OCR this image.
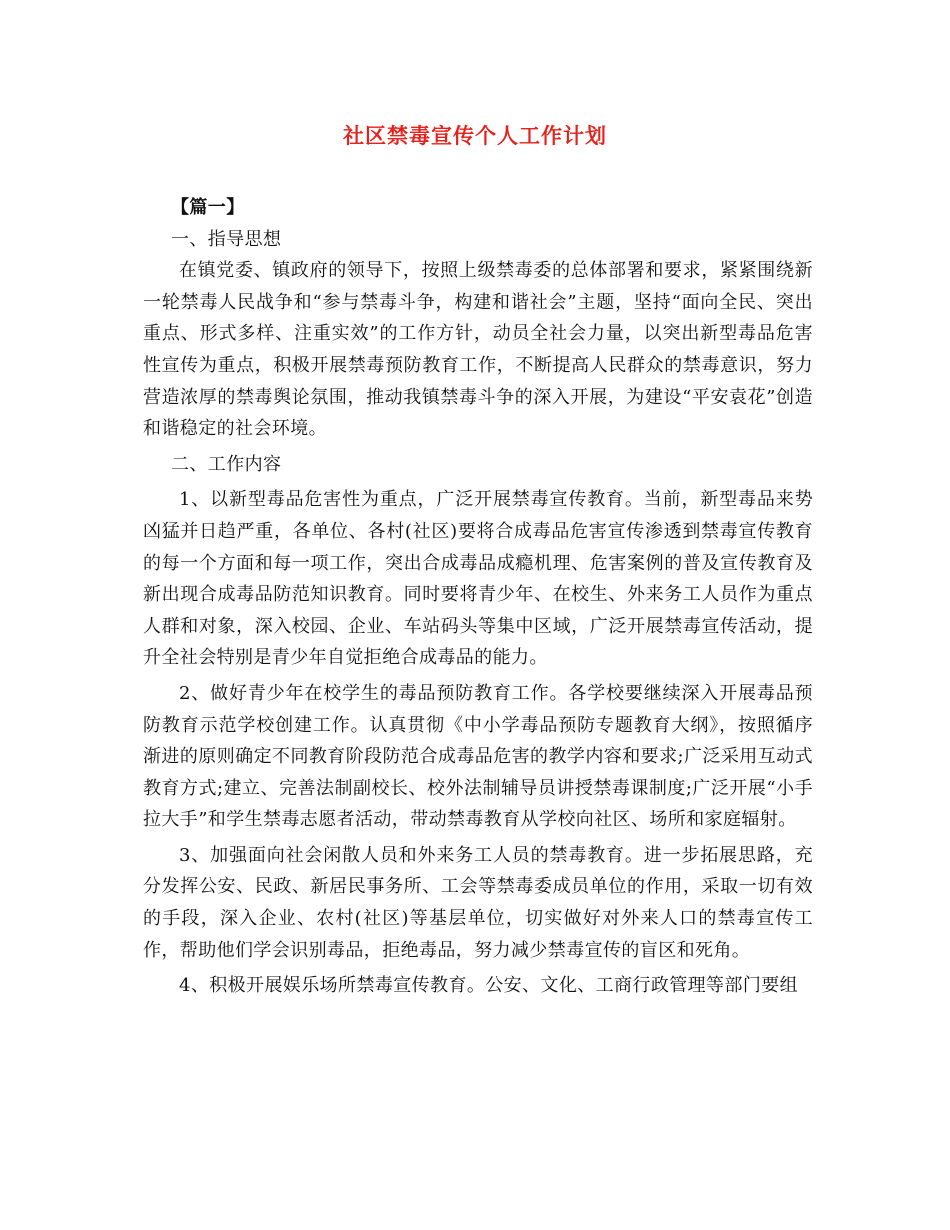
社区禁毒宣传个人工作计划

【篇一】

一、指导思想

在镇党委、镇政府的领导下，按照上级禁毒委的总体部署和要求，紧紧围绕新一轮禁毒人民战争和“参与禁毒斗争，构建和谐社会”主题，坚持“面向全民、突出重点、形式多样、注重实效”的工作方针，动员全社会力量，以突出新型毒品危害性宣传为重点，积极开展禁毒预防教育工作，不断提高人民群众的禁毒意识，努力营造浓厚的禁毒舆论氛围，推动我镇禁毒斗争的深入开展，为建设“平安袁花”创造和谐稳定的社会环境。

二、工作内容

1、以新型毒品危害性为重点，广泛开展禁毒宣传教育。当前，新型毒品来势凶猛并日趋严重，各单位、各村(社区)要将合成毒品危害宣传渗透到禁毒宣传教育的每一个方面和每一项工作，突出合成毒品成瘾机理、危害案例的普及宣传教育及新出现合成毒品防范知识教育。同时要将青少年、在校生、外来务工人员作为重点人群和对象，深入校园、企业、车站码头等集中区域，广泛开展禁毒宣传活动，提升全社会特别是青少年自觉拒绝合成毒品的能力。

2、做好青少年在校学生的毒品预防教育工作。各学校要继续深入开展毒品预防教育示范学校创建工作。认真贯彻《中小学毒品预防专题教育大纲》，按照循序渐进的原则确定不同教育阶段防范合成毒品危害的教学内容和要求;广泛采用互动式教育方式;建立、完善法制副校长、校外法制辅导员讲授禁毒课制度;广泛开展“小手拉大手”和学生禁毒志愿者活动，带动禁毒教育从学校向社区、场所和家庭辐射。

3、加强面向社会闲散人员和外来务工人员的禁毒教育。进一步拓展思路，充分发挥公安、民政、新居民事务所、工会等禁毒委成员单位的作用，采取一切有效的手段，深入企业、农村(社区)等基层单位，切实做好对外来人口的禁毒宣传工作，帮助他们学会识别毒品，拒绝毒品，努力减少禁毒宣传的盲区和死角。

4、积极开展娱乐场所禁毒宣传教育。公安、文化、工商行政管理等部门要组
